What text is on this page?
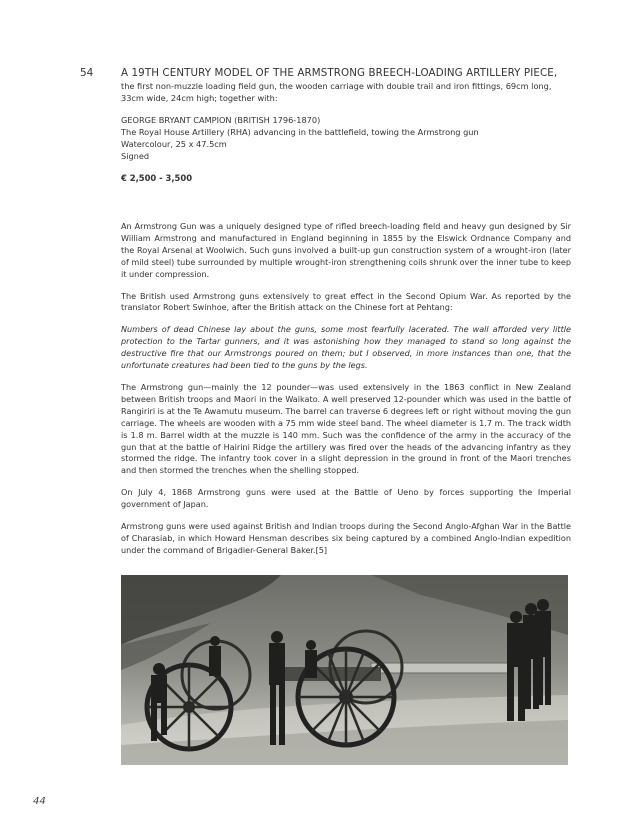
54	A 19TH CENTURY MODEL OF THE ARMSTRONG BREECH-LOADING ARTILLERY PIECE,

the first non-muzzle loading field gun, the wooden carriage with double trail and iron fittings, 69cm long, 33cm wide, 24cm high; together with:

GEORGE BRYANT CAMPION (BRITISH 1796-1870)
The Royal House Artillery (RHA) advancing in the battlefield, towing the Armstrong gun
Watercolour, 25 x 47.5cm
Signed
€ 2,500 - 3,500

An Armstrong Gun was a uniquely designed type of rifled breech-loading field and heavy gun designed by Sir William Armstrong and manufactured in England beginning in 1855 by the Elswick Ordnance Company and the Royal Arsenal at Woolwich. Such guns involved a built-up gun construction system of a wrought-iron (later of mild steel) tube surrounded by multiple wrought-iron strengthening coils shrunk over the inner tube to keep it under compression.

The British used Armstrong guns extensively to great effect in the Second Opium War. As reported by the translator Robert Swinhoe, after the British attack on the Chinese fort at Pehtang:

Numbers of dead Chinese lay about the guns, some most fearfully lacerated. The wall afforded very little protection to the Tartar gunners, and it was astonishing how they managed to stand so long against the destructive fire that our Armstrongs poured on them; but I observed, in more instances than one, that the unfortunate creatures had been tied to the guns by the legs.

The Armstrong gun—mainly the 12 pounder—was used extensively in the 1863 conflict in New Zealand between British troops and Maori in the Waikato. A well preserved 12-pounder which was used in the battle of Rangiriri is at the Te Awamutu museum. The barrel can traverse 6 degrees left or right without moving the gun carriage. The wheels are wooden with a 75 mm wide steel band. The wheel diameter is 1.7 m. The track width is 1.8 m. Barrel width at the muzzle is 140 mm. Such was the confidence of the army in the accuracy of the gun that at the battle of Hairini Ridge the artillery was fired over the heads of the advancing infantry as they stormed the ridge. The infantry took cover in a slight depression in the ground in front of the Maori trenches and then stormed the trenches when the shelling stopped.

On July 4, 1868 Armstrong guns were used at the Battle of Ueno by forces supporting the Imperial government of Japan.

Armstrong guns were used against British and Indian troops during the Second Anglo-Afghan War in the Battle of Charasiab, in which Howard Hensman describes six being captured by a combined Anglo-Indian expedition under the command of Brigadier-General Baker.[5]

44
